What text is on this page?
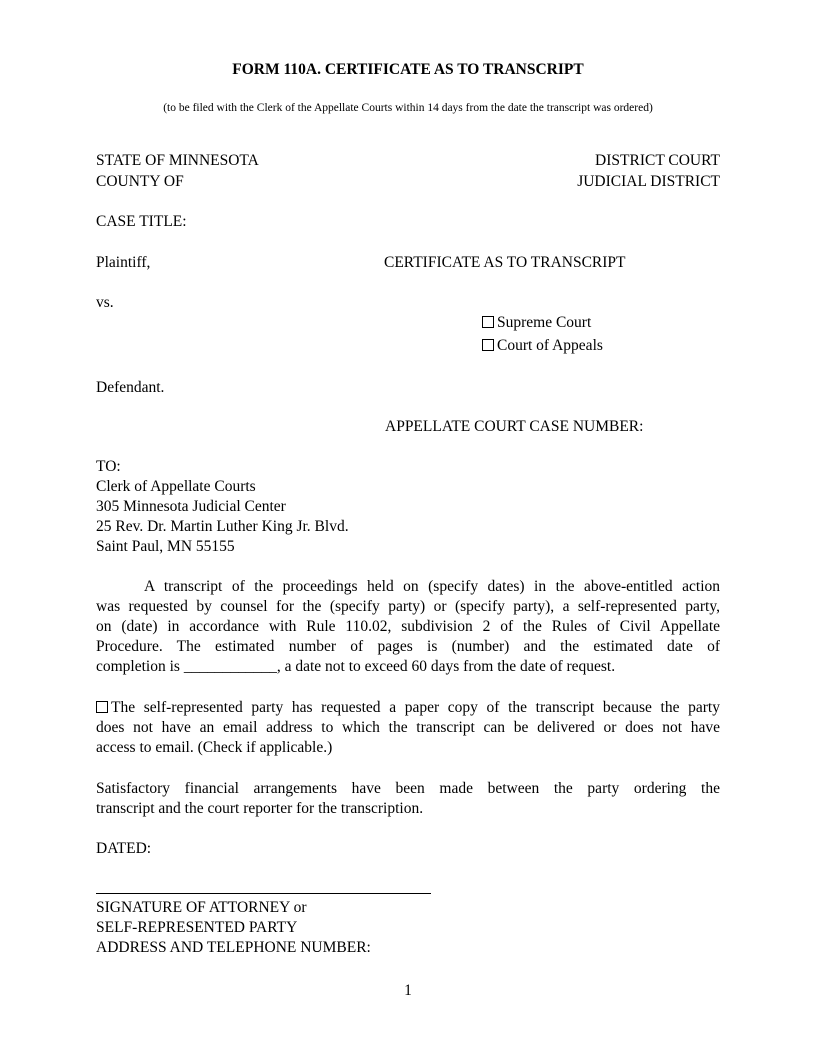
FORM 110A. CERTIFICATE AS TO TRANSCRIPT
(to be filed with the Clerk of the Appellate Courts within 14 days from the date the transcript was ordered)
STATE OF MINNESOTA
COUNTY OF
DISTRICT COURT
JUDICIAL DISTRICT
CASE TITLE:
Plaintiff,	CERTIFICATE AS TO TRANSCRIPT
vs.
Supreme Court
Court of Appeals
Defendant.
APPELLATE COURT CASE NUMBER:
TO:
Clerk of Appellate Courts
305 Minnesota Judicial Center
25 Rev. Dr. Martin Luther King Jr. Blvd.
Saint Paul, MN 55155
A transcript of the proceedings held on (specify dates) in the above-entitled action
was requested by counsel for the (specify party) or (specify party), a self-represented party,
on (date) in accordance with Rule 110.02, subdivision 2 of the Rules of Civil Appellate
Procedure. The estimated number of pages is (number) and the estimated date of
completion is ____________, a date not to exceed 60 days from the date of request.
The self-represented party has requested a paper copy of the transcript because the party
does not have an email address to which the transcript can be delivered or does not have
access to email. (Check if applicable.)
Satisfactory financial arrangements have been made between the party ordering the
transcript and the court reporter for the transcription.
DATED:
SIGNATURE OF ATTORNEY or
SELF-REPRESENTED PARTY
ADDRESS AND TELEPHONE NUMBER:
1
